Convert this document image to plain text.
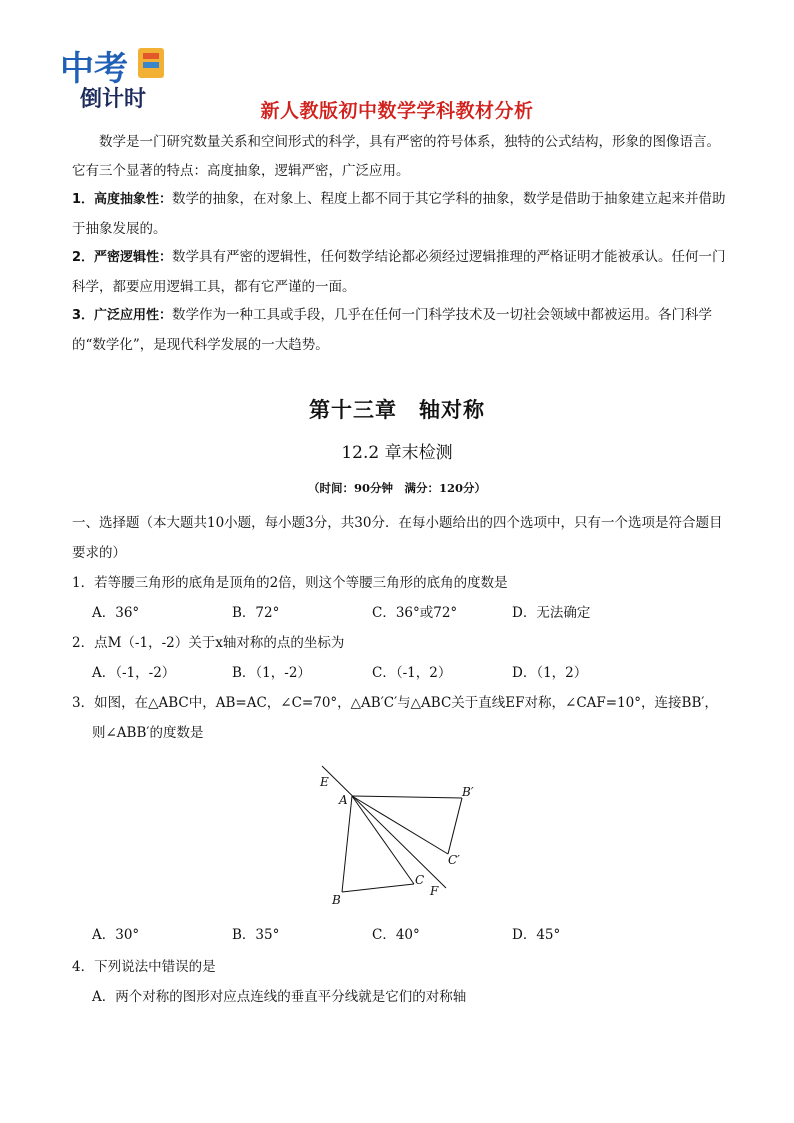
中考
倒计时	新人教版初中数学学科教材分析

数学是一门研究数量关系和空间形式的科学，具有严密的符号体系，独特的公式结构，形象的图像语言。它有三个显著的特点：高度抽象，逻辑严密，广泛应用。

1．高度抽象性：数学的抽象，在对象上、程度上都不同于其它学科的抽象，数学是借助于抽象建立起来并借助于抽象发展的。

2．严密逻辑性：数学具有严密的逻辑性，任何数学结论都必须经过逻辑推理的严格证明才能被承认。任何一门科学，都要应用逻辑工具，都有它严谨的一面。

3．广泛应用性：数学作为一种工具或手段，几乎在任何一门科学技术及一切社会领域中都被运用。各门科学的“数学化”，是现代科学发展的一大趋势。

第十三章　轴对称
12.2 章末检测
（时间：90分钟　满分：120分）

一、选择题（本大题共10小题，每小题3分，共30分．在每小题给出的四个选项中，只有一个选项是符合题目要求的）

1．若等腰三角形的底角是顶角的2倍，则这个等腰三角形的底角的度数是

A．36°	B．72°	C．36°或72°	D．无法确定

2．点M（-1，-2）关于x轴对称的点的坐标为

A．（-1，-2）	B．（1，-2）	C．（-1，2）	D．（1，2）

3．如图，在△ABC中，AB=AC，∠C=70°，△AB′C′与△ABC关于直线EF对称，∠CAF=10°，连接BB′，

则∠ABB′的度数是

E
A
B′
C′
C
F
B
A．30°	B．35°	C．40°	D．45°

4．下列说法中错误的是

A．两个对称的图形对应点连线的垂直平分线就是它们的对称轴
